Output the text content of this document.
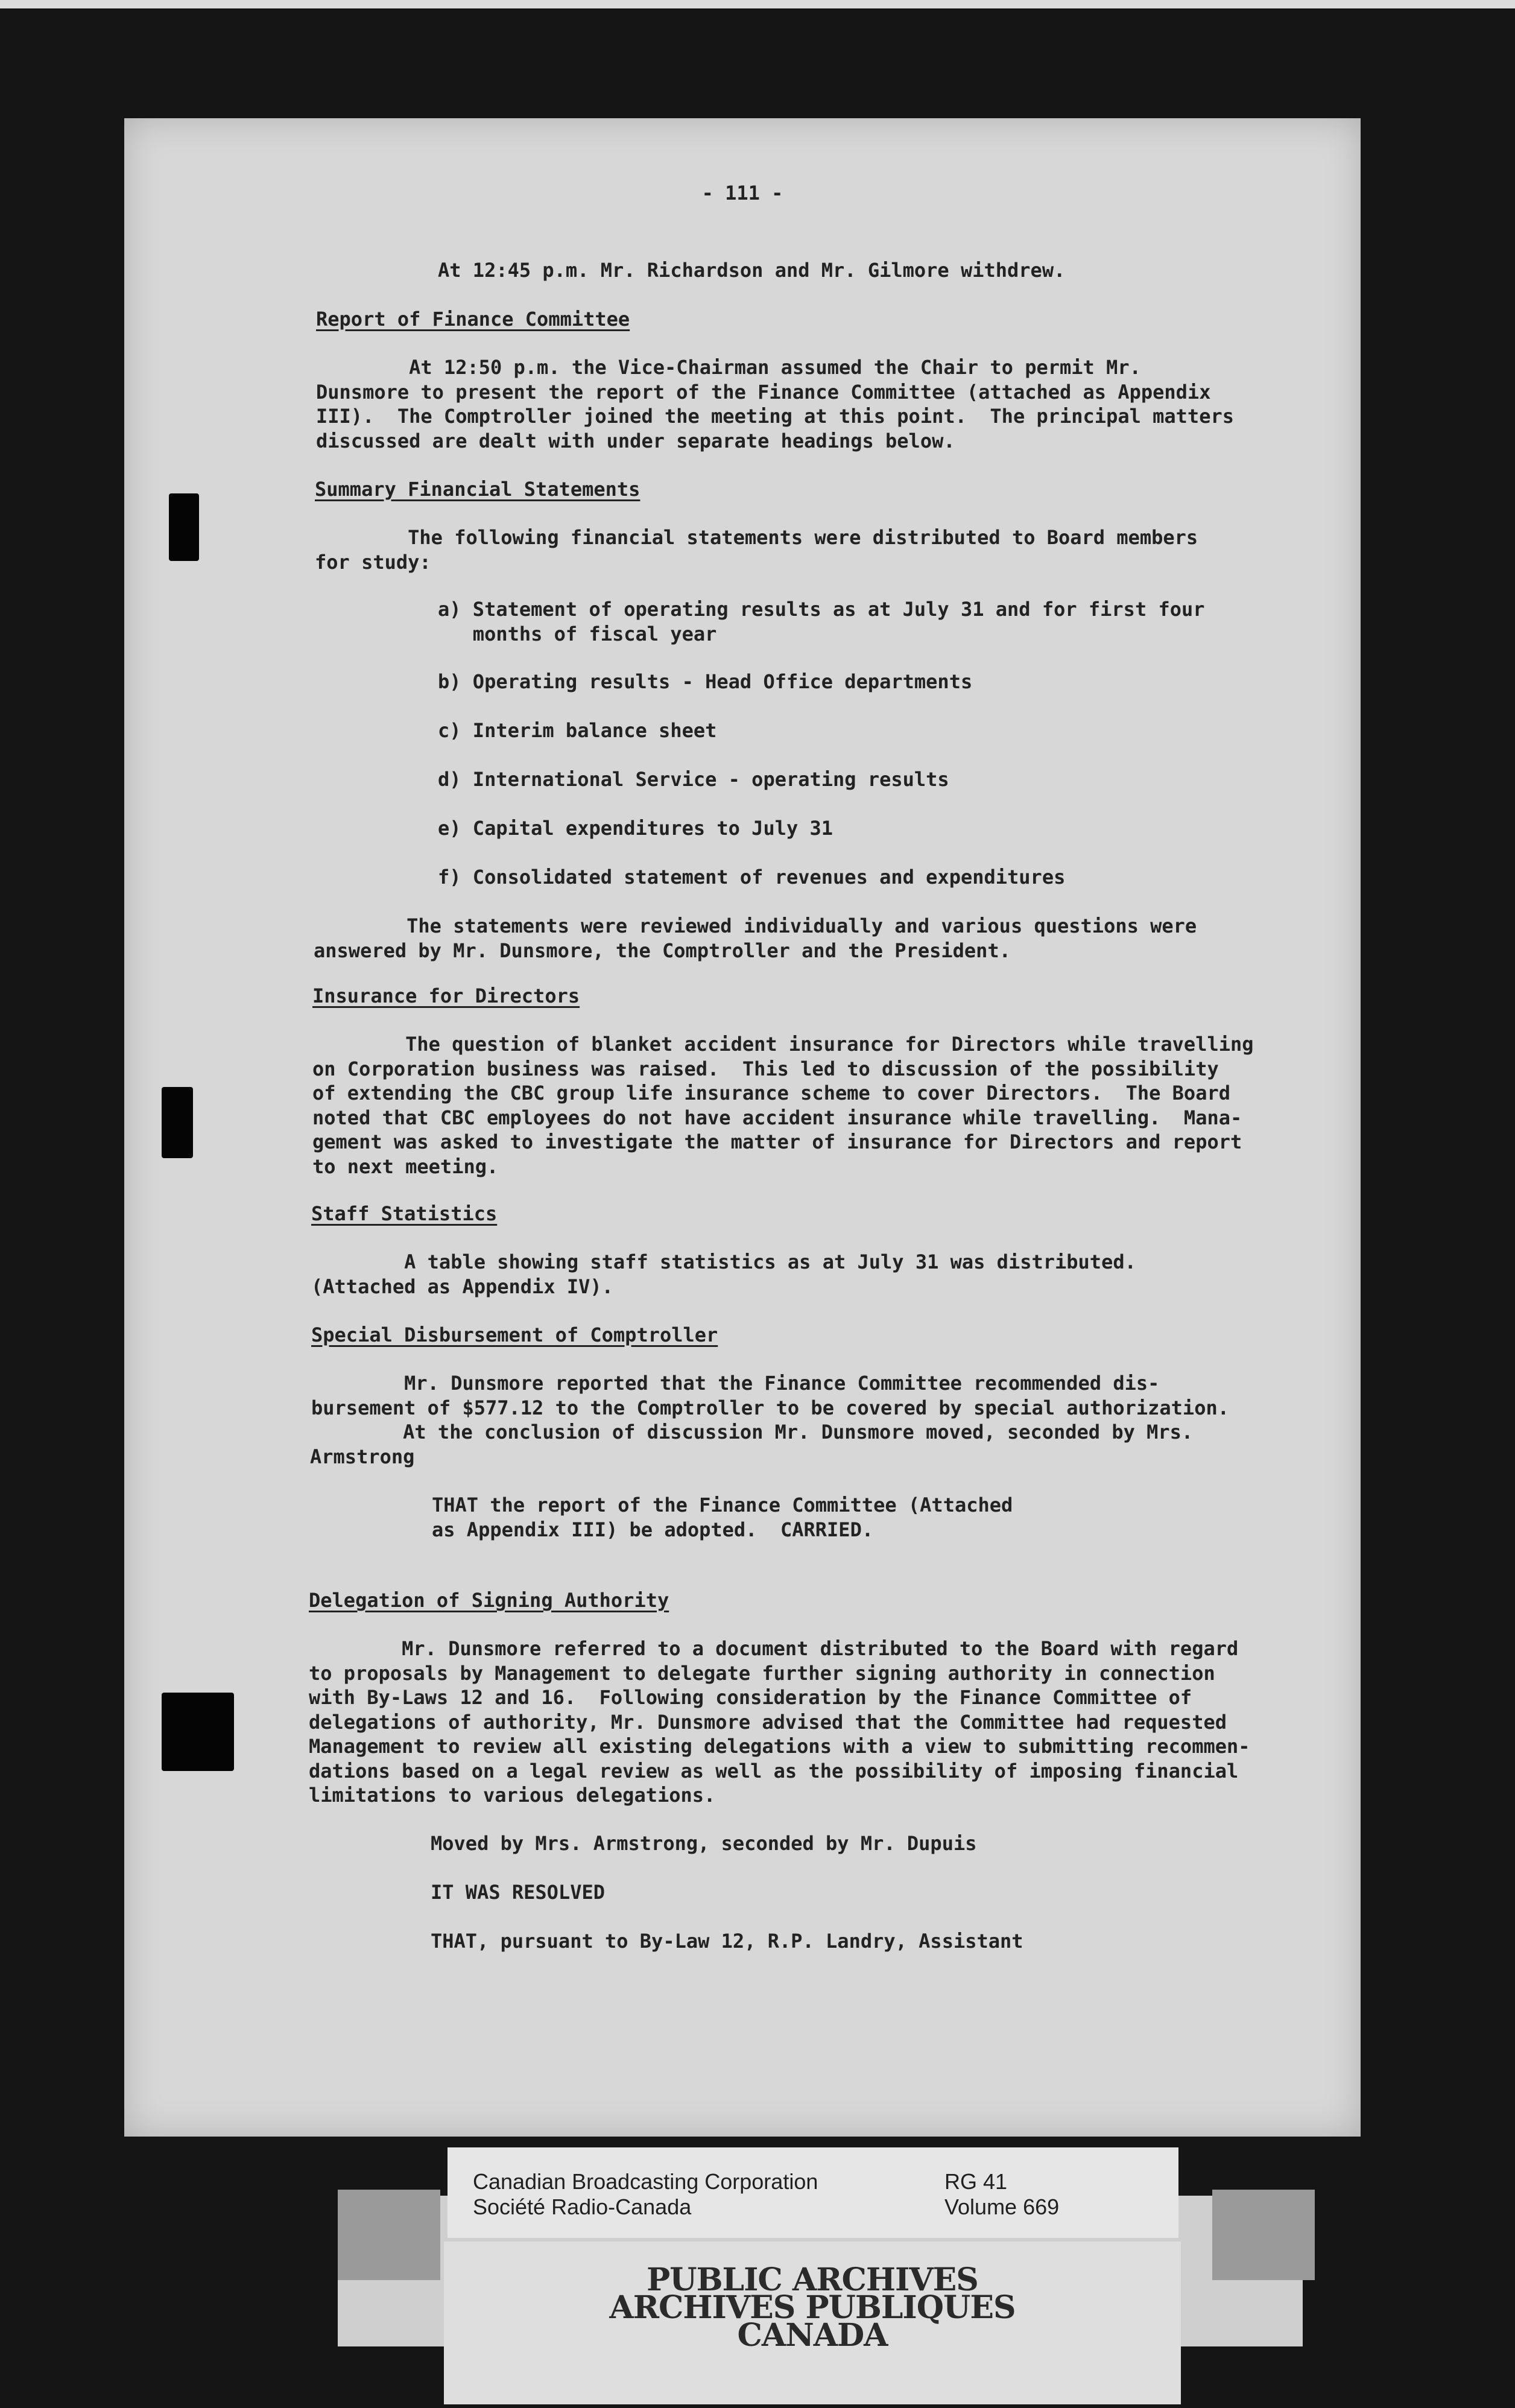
- 111 -
At 12:45 p.m. Mr. Richardson and Mr. Gilmore withdrew.
Report of Finance Committee
At 12:50 p.m. the Vice-Chairman assumed the Chair to permit Mr.
Dunsmore to present the report of the Finance Committee (attached as Appendix
III).  The Comptroller joined the meeting at this point.  The principal matters
discussed are dealt with under separate headings below.
Summary Financial Statements
The following financial statements were distributed to Board members
for study:
a) Statement of operating results as at July 31 and for first four
months of fiscal year
b) Operating results - Head Office departments
c) Interim balance sheet
d) International Service - operating results
e) Capital expenditures to July 31
f) Consolidated statement of revenues and expenditures
The statements were reviewed individually and various questions were
answered by Mr. Dunsmore, the Comptroller and the President.
Insurance for Directors
The question of blanket accident insurance for Directors while travelling
on Corporation business was raised.  This led to discussion of the possibility
of extending the CBC group life insurance scheme to cover Directors.  The Board
noted that CBC employees do not have accident insurance while travelling.  Mana-
gement was asked to investigate the matter of insurance for Directors and report
to next meeting.
Staff Statistics
A table showing staff statistics as at July 31 was distributed.
(Attached as Appendix IV).
Special Disbursement of Comptroller
Mr. Dunsmore reported that the Finance Committee recommended dis-
bursement of $577.12 to the Comptroller to be covered by special authorization.
At the conclusion of discussion Mr. Dunsmore moved, seconded by Mrs.
Armstrong
THAT the report of the Finance Committee (Attached
as Appendix III) be adopted.  CARRIED.
Delegation of Signing Authority
Mr. Dunsmore referred to a document distributed to the Board with regard
to proposals by Management to delegate further signing authority in connection
with By-Laws 12 and 16.  Following consideration by the Finance Committee of
delegations of authority, Mr. Dunsmore advised that the Committee had requested
Management to review all existing delegations with a view to submitting recommen-
dations based on a legal review as well as the possibility of imposing financial
limitations to various delegations.
Moved by Mrs. Armstrong, seconded by Mr. Dupuis
IT WAS RESOLVED
THAT, pursuant to By-Law 12, R.P. Landry, Assistant
Canadian Broadcasting Corporation
Société Radio-Canada
RG 41
Volume 669
PUBLIC ARCHIVES
ARCHIVES PUBLIQUES
CANADA
